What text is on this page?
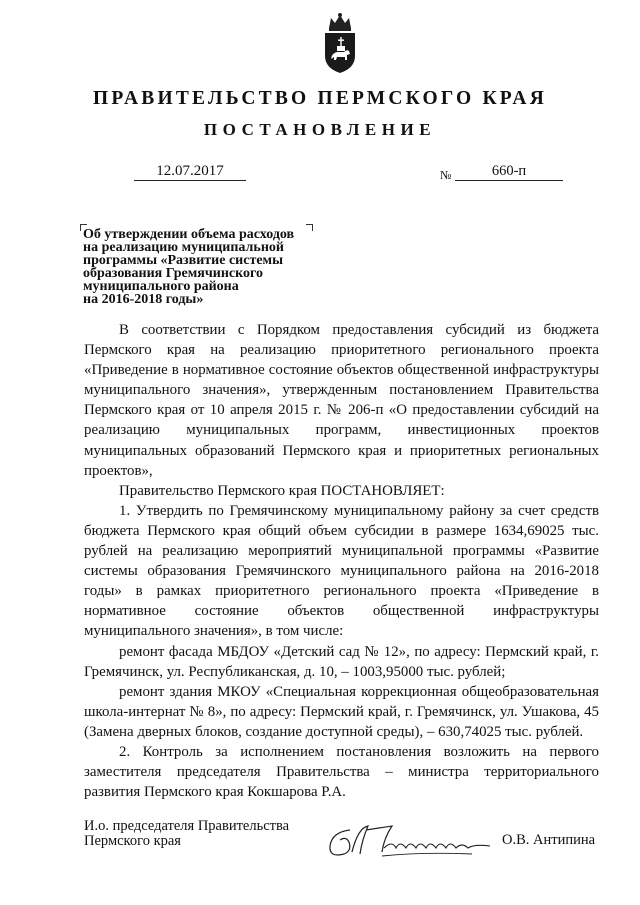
ПРАВИТЕЛЬСТВО ПЕРМСКОГО КРАЯ
ПОСТАНОВЛЕНИЕ
12.07.2017	№	660-п
Об утверждении объема расходов
на реализацию муниципальной
программы «Развитие системы
образования Гремячинского
муниципального района
на 2016-2018 годы»

В соответствии с Порядком предоставления субсидий из бюджета Пермского края на реализацию приоритетного регионального проекта «Приведение в нормативное состояние объектов общественной инфраструктуры муниципального значения», утвержденным постановлением Правительства Пермского края от 10 апреля 2015 г. № 206-п «О предоставлении субсидий на реализацию муниципальных программ, инвестиционных проектов муниципальных образований Пермского края и приоритетных региональных проектов»,

Правительство Пермского края ПОСТАНОВЛЯЕТ:

1. Утвердить по Гремячинскому муниципальному району за счет средств бюджета Пермского края общий объем субсидии в размере 1634,69025 тыс. рублей на реализацию мероприятий муниципальной программы «Развитие системы образования Гремячинского муниципального района на 2016-2018 годы» в рамках приоритетного регионального проекта «Приведение в нормативное состояние объектов общественной инфраструктуры муниципального значения», в том числе:

ремонт фасада МБДОУ «Детский сад № 12», по адресу: Пермский край, г. Гремячинск, ул. Республиканская, д. 10, – 1003,95000 тыс. рублей;

ремонт здания МКОУ «Специальная коррекционная общеобразовательная школа-интернат № 8», по адресу: Пермский край, г. Гремячинск, ул. Ушакова, 45 (Замена дверных блоков, создание доступной среды), – 630,74025 тыс. рублей.

2. Контроль за исполнением постановления возложить на первого заместителя председателя Правительства – министра территориального развития Пермского края Кокшарова Р.А.

И.о. председателя Правительства
Пермского края	О.В. Антипина
